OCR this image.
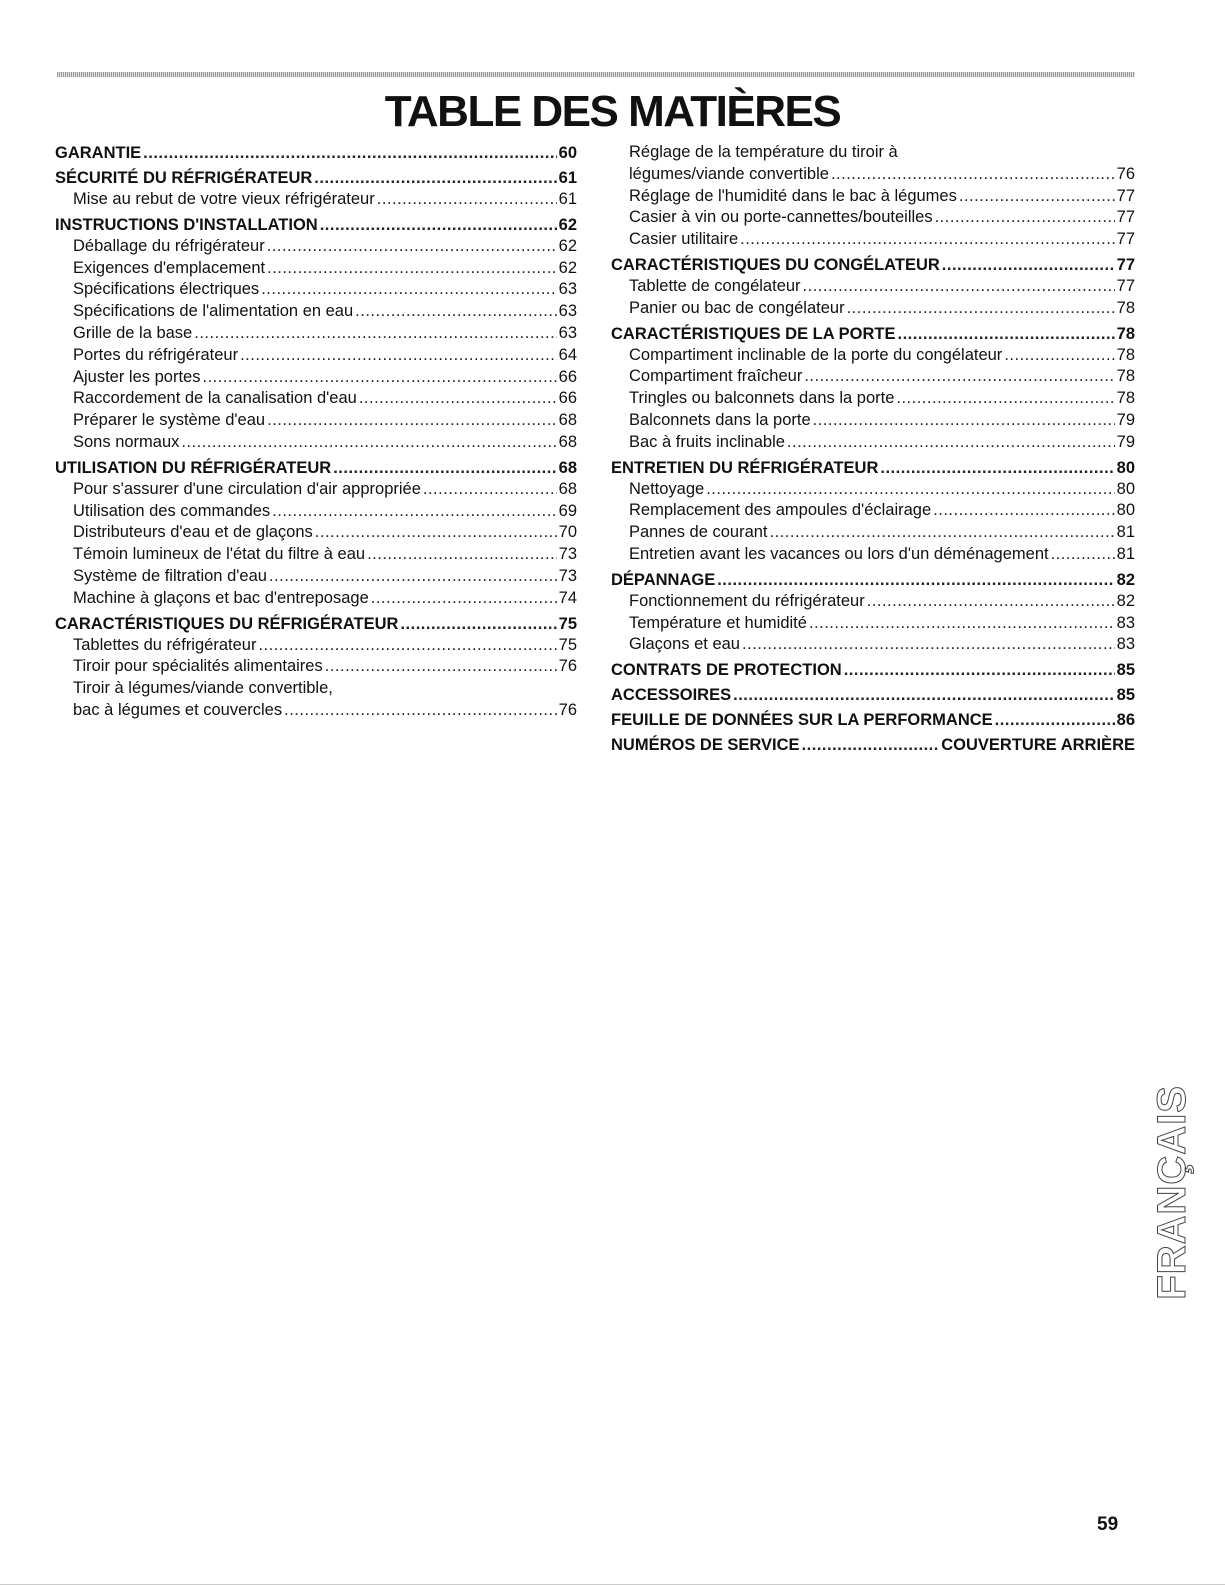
TABLE DES MATIÈRES
GARANTIE .....	60
SÉCURITÉ DU RÉFRIGÉRATEUR .....	61
Mise au rebut de votre vieux réfrigérateur .....	61
INSTRUCTIONS D'INSTALLATION .....	62
Déballage du réfrigérateur .....	62
Exigences d'emplacement .....	62
Spécifications électriques .....	63
Spécifications de l'alimentation en eau .....	63
Grille de la base .....	63
Portes du réfrigérateur .....	64
Ajuster les portes .....	66
Raccordement de la canalisation d'eau .....	66
Préparer le système d'eau .....	68
Sons normaux .....	68
UTILISATION DU RÉFRIGÉRATEUR .....	68
Pour s'assurer d'une circulation d'air appropriée .....	68
Utilisation des commandes .....	69
Distributeurs d'eau et de glaçons .....	70
Témoin lumineux de l'état du filtre à eau .....	73
Système de filtration d'eau .....	73
Machine à glaçons et bac d'entreposage .....	74
CARACTÉRISTIQUES DU RÉFRIGÉRATEUR .....	75
Tablettes du réfrigérateur .....	75
Tiroir pour spécialités alimentaires .....	76
Tiroir à légumes/viande convertible,
bac à légumes et couvercles .....	76
Réglage de la température du tiroir à
légumes/viande convertible .....	76
Réglage de l'humidité dans le bac à légumes .....	77
Casier à vin ou porte-cannettes/bouteilles .....	77
Casier utilitaire .....	77
CARACTÉRISTIQUES DU CONGÉLATEUR .....	77
Tablette de congélateur .....	77
Panier ou bac de congélateur .....	78
CARACTÉRISTIQUES DE LA PORTE .....	78
Compartiment inclinable de la porte du congélateur .....	78
Compartiment fraîcheur .....	78
Tringles ou balconnets dans la porte .....	78
Balconnets dans la porte .....	79
Bac à fruits inclinable .....	79
ENTRETIEN DU RÉFRIGÉRATEUR .....	80
Nettoyage .....	80
Remplacement des ampoules d'éclairage .....	80
Pannes de courant .....	81
Entretien avant les vacances ou lors d'un déménagement .....	81
DÉPANNAGE .....	82
Fonctionnement du réfrigérateur .....	82
Température et humidité .....	83
Glaçons et eau .....	83
CONTRATS DE PROTECTION .....	85
ACCESSOIRES .....	85
FEUILLE DE DONNÉES SUR LA PERFORMANCE .....	86
NUMÉROS DE SERVICE .....	COUVERTURE ARRIÈRE
FRANÇAIS
59
